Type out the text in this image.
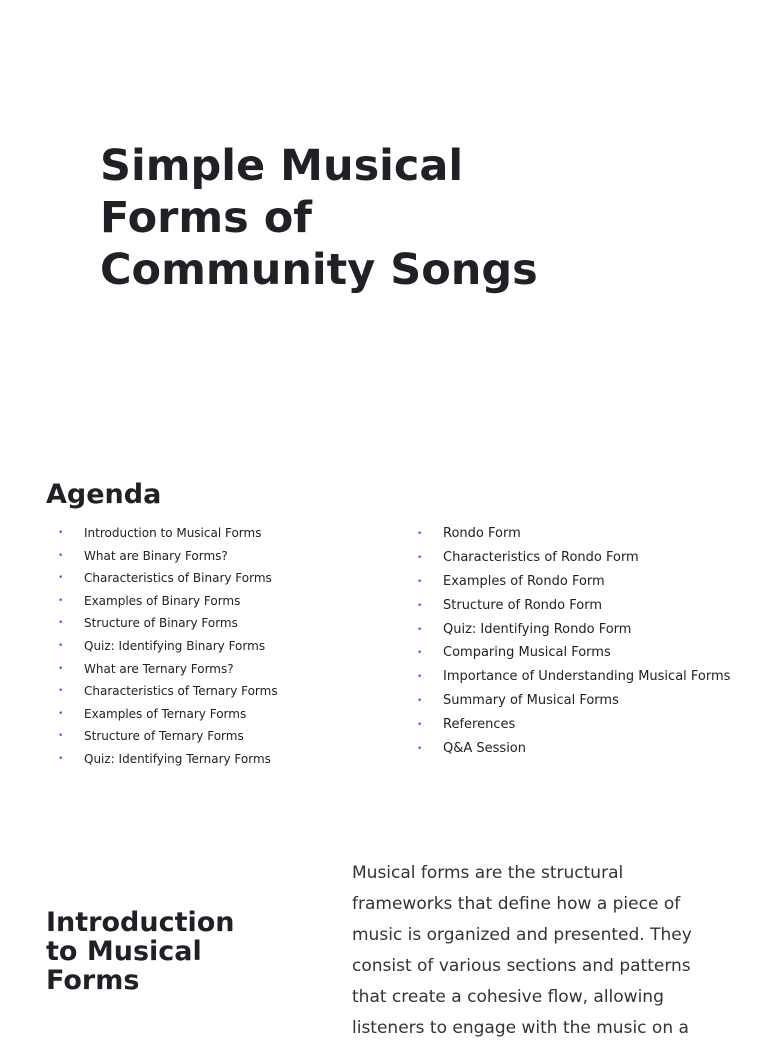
Simple Musical
Forms of
Community Songs
Agenda
• Introduction to Musical Forms
• What are Binary Forms?
• Characteristics of Binary Forms
• Examples of Binary Forms
• Structure of Binary Forms
• Quiz: Identifying Binary Forms
• What are Ternary Forms?
• Characteristics of Ternary Forms
• Examples of Ternary Forms
• Structure of Ternary Forms
• Quiz: Identifying Ternary Forms
• Rondo Form
• Characteristics of Rondo Form
• Examples of Rondo Form
• Structure of Rondo Form
• Quiz: Identifying Rondo Form
• Comparing Musical Forms
• Importance of Understanding Musical Forms
• Summary of Musical Forms
• References
• Q&A Session
Introduction
to Musical
Forms

Musical forms are the structural
frameworks that define how a piece of
music is organized and presented. They
consist of various sections and patterns
that create a cohesive flow, allowing
listeners to engage with the music on a
